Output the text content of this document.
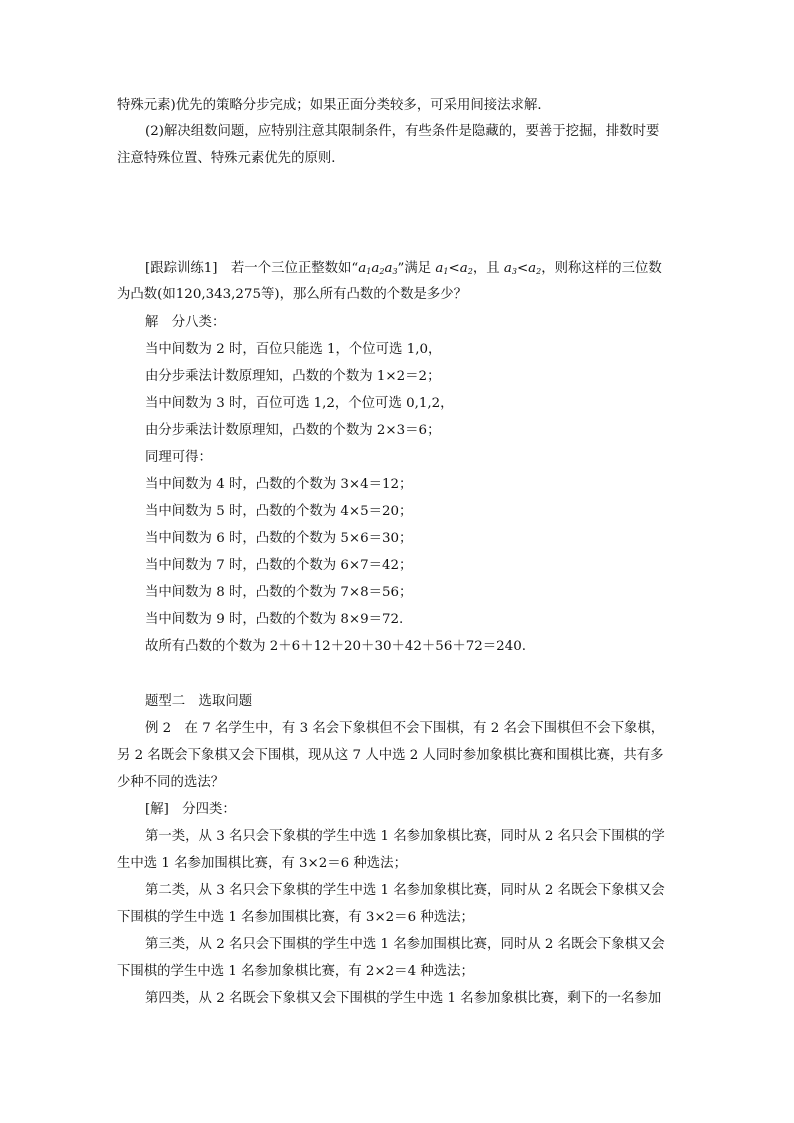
特殊元素)优先的策略分步完成；如果正面分类较多，可采用间接法求解．
(2)解决组数问题，应特别注意其限制条件，有些条件是隐藏的，要善于挖掘，排数时要
注意特殊位置、特殊元素优先的原则．
[跟踪训练1]　若一个三位正整数如“$a_1a_2a_3$”满足 $a_1<a_2$，且 $a_3<a_2$，则称这样的三位数
为凸数(如120,343,275等)，那么所有凸数的个数是多少？
解　分八类：
当中间数为 2 时，百位只能选 1，个位可选 1,0，
由分步乘法计数原理知，凸数的个数为 1×2＝2；
当中间数为 3 时，百位可选 1,2，个位可选 0,1,2，
由分步乘法计数原理知，凸数的个数为 2×3＝6；
同理可得：
当中间数为 4 时，凸数的个数为 3×4＝12；
当中间数为 5 时，凸数的个数为 4×5＝20；
当中间数为 6 时，凸数的个数为 5×6＝30；
当中间数为 7 时，凸数的个数为 6×7＝42；
当中间数为 8 时，凸数的个数为 7×8＝56；
当中间数为 9 时，凸数的个数为 8×9＝72.
故所有凸数的个数为 2＋6＋12＋20＋30＋42＋56＋72＝240.
题型二　选取问题
例 2　在 7 名学生中，有 3 名会下象棋但不会下围棋，有 2 名会下围棋但不会下象棋，
另 2 名既会下象棋又会下围棋，现从这 7 人中选 2 人同时参加象棋比赛和围棋比赛，共有多
少种不同的选法？
[解]　分四类：
第一类，从 3 名只会下象棋的学生中选 1 名参加象棋比赛，同时从 2 名只会下围棋的学
生中选 1 名参加围棋比赛，有 3×2＝6 种选法；
第二类，从 3 名只会下象棋的学生中选 1 名参加象棋比赛，同时从 2 名既会下象棋又会
下围棋的学生中选 1 名参加围棋比赛，有 3×2＝6 种选法；
第三类，从 2 名只会下围棋的学生中选 1 名参加围棋比赛，同时从 2 名既会下象棋又会
下围棋的学生中选 1 名参加象棋比赛，有 2×2＝4 种选法；
第四类，从 2 名既会下象棋又会下围棋的学生中选 1 名参加象棋比赛，剩下的一名参加
